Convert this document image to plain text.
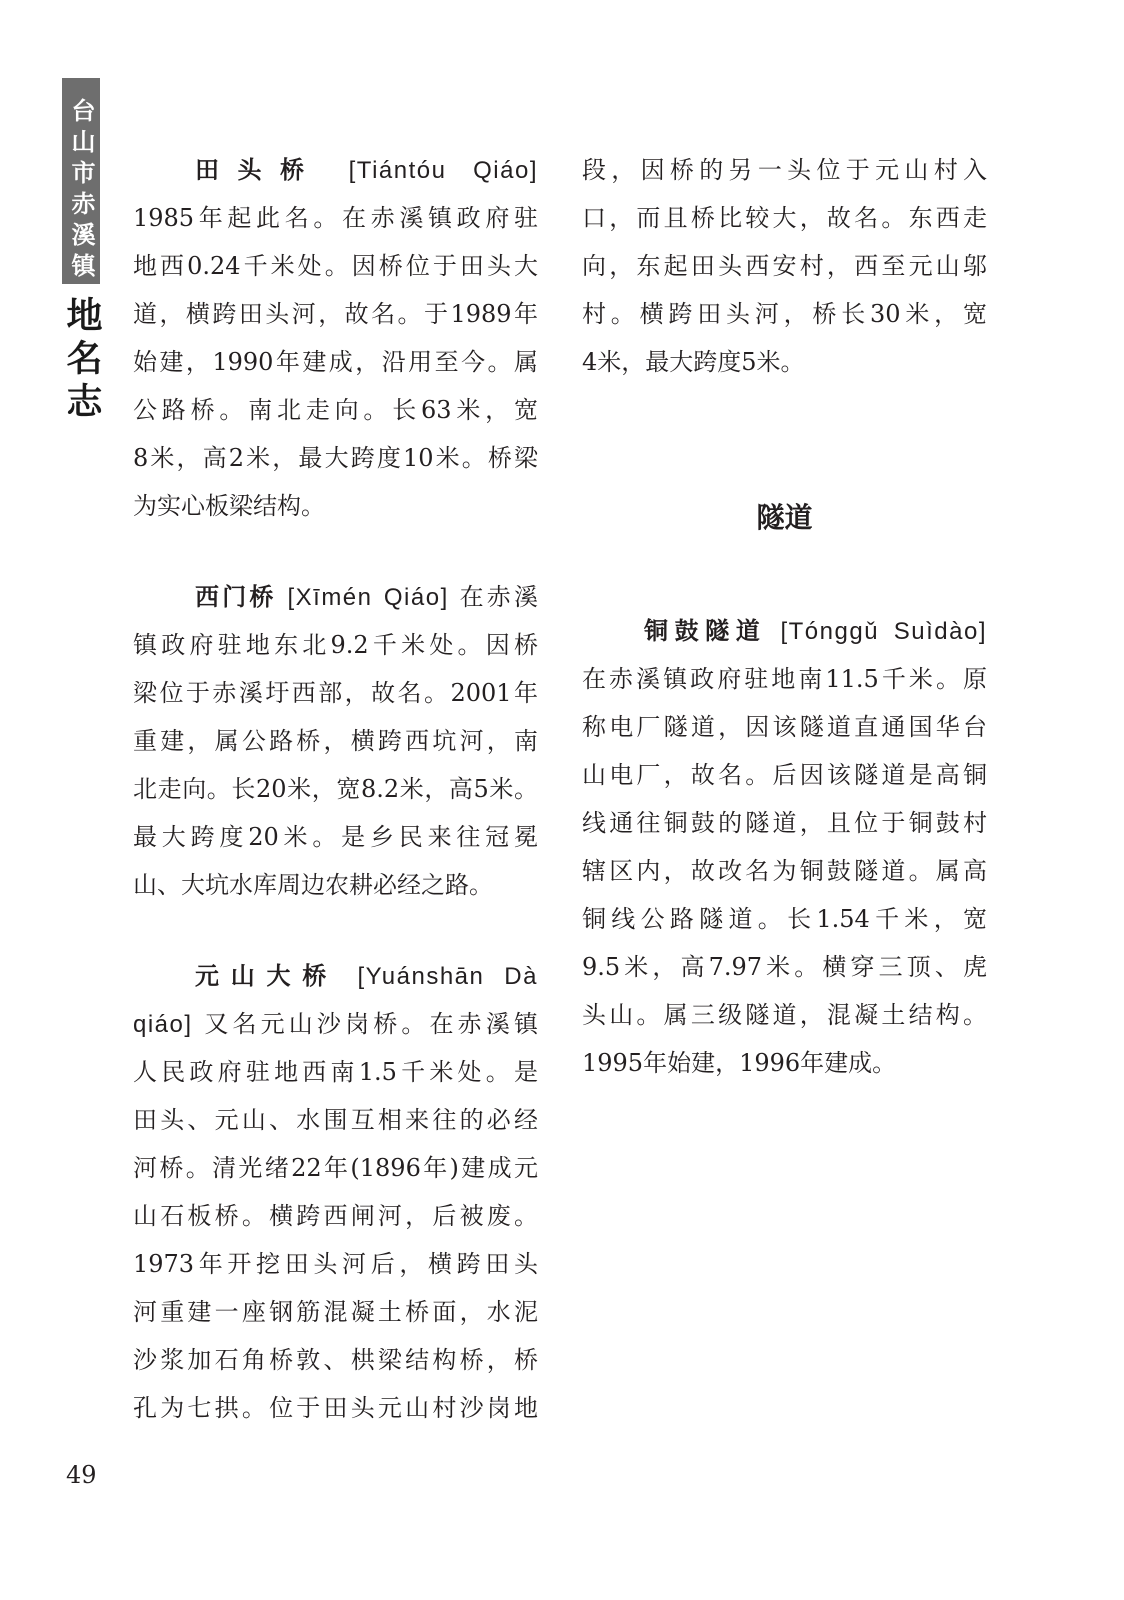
台山市赤溪镇
地名志
田头桥 [Tiántóu Qiáo]
1985年起此名。在赤溪镇政府驻
地西0.24千米处。因桥位于田头大
道，横跨田头河，故名。于1989年
始建，1990年建成，沿用至今。属
公路桥。南北走向。长63米，宽
8米，高2米，最大跨度10米。桥梁
为实心板梁结构。
西门桥 [Xīmén Qiáo] 在赤溪
镇政府驻地东北9.2千米处。因桥
梁位于赤溪圩西部，故名。2001年
重建，属公路桥，横跨西坑河，南
北走向。长20米，宽8.2米，高5米。
最大跨度20米。是乡民来往冠冕
山、大坑水库周边农耕必经之路。
元山大桥 [Yuánshān Dà
qiáo] 又名元山沙岗桥。在赤溪镇
人民政府驻地西南1.5千米处。是
田头、元山、水围互相来往的必经
河桥。清光绪22年(1896年)建成元
山石板桥。横跨西闸河，后被废。
1973年开挖田头河后，横跨田头
河重建一座钢筋混凝土桥面，水泥
沙浆加石角桥敦、栱梁结构桥，桥
孔为七拱。位于田头元山村沙岗地
段，因桥的另一头位于元山村入
口，而且桥比较大，故名。东西走
向，东起田头西安村，西至元山邬
村。横跨田头河，桥长30米，宽
4米，最大跨度5米。
隧道
铜鼓隧道 [Tónggǔ Suìdào]
在赤溪镇政府驻地南11.5千米。原
称电厂隧道，因该隧道直通国华台
山电厂，故名。后因该隧道是高铜
线通往铜鼓的隧道，且位于铜鼓村
辖区内，故改名为铜鼓隧道。属高
铜线公路隧道。长1.54千米，宽
9.5米，高7.97米。横穿三顶、虎
头山。属三级隧道，混凝土结构。
1995年始建，1996年建成。
49
